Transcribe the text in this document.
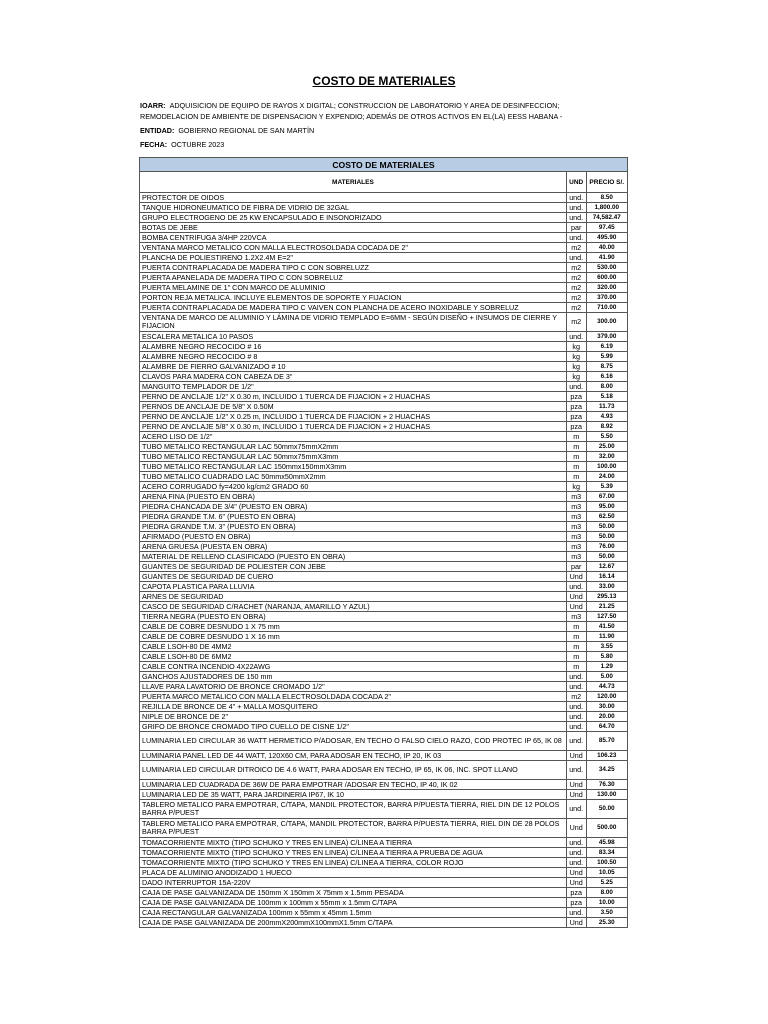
COSTO DE MATERIALES
IOARR: ADQUISICION DE EQUIPO DE RAYOS X DIGITAL; CONSTRUCCION DE LABORATORIO Y AREA DE DESINFECCION;
REMODELACION DE AMBIENTE DE DISPENSACION Y EXPENDIO; ADEMÁS DE OTROS ACTIVOS EN EL(LA) EESS HABANA -
ENTIDAD: GOBIERNO REGIONAL DE SAN MARTÍN
FECHA: OCTUBRE 2023
COSTO DE MATERIALES		
MATERIALES	UND	PRECIO S/.
PROTECTOR DE OIDOS	und.	8.50
TANQUE HIDRONEUMATICO DE FIBRA DE VIDRIO DE 32GAL	und.	1,800.00
GRUPO ELECTROGENO DE 25 KW ENCAPSULADO E INSONORIZADO	und.	74,582.47
BOTAS DE JEBE	par	97.45
BOMBA CENTRIFUGA 3/4HP 220VCA	und.	495.90
VENTANA MARCO METALICO CON MALLA ELECTROSOLDADA COCADA DE 2"	m2	40.00
PLANCHA DE POLIESTIRENO 1.2X2.4M E=2"	und.	41.90
PUERTA CONTRAPLACADA DE MADERA TIPO C CON SOBRELUZZ	m2	530.00
PUERTA APANELADA DE MADERA TIPO C CON SOBRELUZ	m2	600.00
PUERTA MELAMINE DE 1" CON MARCO DE ALUMINIO	m2	320.00
PORTON REJA METALICA. INCLUYE ELEMENTOS DE SOPORTE Y FIJACION	m2	370.00
PUERTA CONTRAPLACADA DE MADERA TIPO C VAIVEN CON PLANCHA DE ACERO INOXIDABLE Y SOBRELUZ	m2	710.00
VENTANA DE MARCO DE ALUMINIO Y LÁMINA DE VIDRIO TEMPLADO E=6MM - SEGÚN DISEÑO + INSUMOS DE CIERRE Y FIJACION	m2	300.00
ESCALERA METALICA 10 PASOS	und.	379.00
ALAMBRE NEGRO RECOCIDO # 16	kg	6.19
ALAMBRE NEGRO RECOCIDO # 8	kg	5.99
ALAMBRE DE FIERRO GALVANIZADO # 10	kg	8.75
CLAVOS PARA MADERA CON CABEZA DE 3"	kg	6.16
MANGUITO TEMPLADOR DE 1/2"	und.	8.00
PERNO DE ANCLAJE 1/2" X 0.30 m, INCLUIDO 1 TUERCA DE FIJACION + 2 HUACHAS	pza	5.18
PERNOS DE ANCLAJE DE 5/8" X 0.50M	pza	11.73
PERNO DE ANCLAJE 1/2" X 0.25 m, INCLUIDO 1 TUERCA DE FIJACION + 2 HUACHAS	pza	4.93
PERNO DE ANCLAJE 5/8" X 0.30 m, INCLUIDO 1 TUERCA DE FIJACION + 2 HUACHAS	pza	8.92
ACERO LISO DE 1/2"	m	5.50
TUBO METALICO RECTANGULAR LAC 50mmx75mmX2mm	m	25.00
TUBO METALICO RECTANGULAR LAC 50mmx75mmX3mm	m	32.00
TUBO METALICO RECTANGULAR LAC 150mmx150mmX3mm	m	100.00
TUBO METALICO CUADRADO LAC 50mmx50mmX2mm	m	24.00
ACERO CORRUGADO fy=4200 kg/cm2 GRADO 60	kg	5.39
ARENA FINA (PUESTO EN OBRA)	m3	67.00
PIEDRA CHANCADA DE 3/4" (PUESTO EN OBRA)	m3	95.00
PIEDRA GRANDE T.M. 6" (PUESTO EN OBRA)	m3	62.50
PIEDRA GRANDE T.M. 3" (PUESTO EN OBRA)	m3	50.00
AFIRMADO (PUESTO EN OBRA)	m3	50.00
ARENA GRUESA (PUESTA EN OBRA)	m3	76.00
MATERIAL DE RELLENO CLASIFICADO (PUESTO EN OBRA)	m3	50.00
GUANTES DE SEGURIDAD DE POLIESTER CON JEBE	par	12.67
GUANTES DE SEGURIDAD DE CUERO	Und	16.14
CAPOTA PLASTICA PARA LLUVIA	und.	33.00
ARNES DE SEGURIDAD	Und	295.13
CASCO DE SEGURIDAD C/RACHET (NARANJA, AMARILLO Y AZUL)	Und	21.25
TIERRA NEGRA (PUESTO EN OBRA)	m3	127.50
CABLE DE COBRE DESNUDO 1 X 75 mm	m	41.50
CABLE DE COBRE DESNUDO 1 X 16 mm	m	11.90
CABLE LSOH-80 DE 4MM2	m	3.55
CABLE LSOH-80 DE 6MM2	m	5.80
CABLE CONTRA INCENDIO 4X22AWG	m	1.29
GANCHOS AJUSTADORES DE 150 mm	und.	5.00
LLAVE PARA LAVATORIO DE BRONCE CROMADO 1/2"	und.	44.73
PUERTA MARCO METALICO CON MALLA ELECTROSOLDADA COCADA 2"	m2	120.00
REJILLA DE BRONCE DE 4" + MALLA MOSQUITERO	und.	30.00
NIPLE DE BRONCE DE 2"	und.	20.00
GRIFO DE BRONCE CROMADO TIPO CUELLO DE CISNE 1/2"	und.	64.70
LUMINARIA LED CIRCULAR 36 WATT HERMETICO P/ADOSAR, EN TECHO O FALSO CIELO RAZO, COD PROTEC IP 65, IK 08	und.	85.70
LUMINARIA PANEL LED DE 44 WATT, 120X60 CM, PARA ADOSAR EN TECHO, IP 20, IK 03	Und	106.23
LUMINARIA LED CIRCULAR DITROICO DE 4.6 WATT, PARA ADOSAR EN TECHO, IP 65, IK 06, INC. SPOT LLANO	und.	34.25
LUMINARIA LED CUADRADA DE 36W DE PARA EMPOTRAR /ADOSAR EN TECHO, IP 40, IK 02	Und	76.30
LUMINARIA LED DE 35 WATT, PARA JARDINERIA IP67, IK 10	Und	130.00
TABLERO METALICO PARA EMPOTRAR, C/TAPA, MANDIL PROTECTOR, BARRA P/PUESTA TIERRA, RIEL DIN DE 12 POLOS BARRA P/PUEST	und.	50.00
TABLERO METALICO PARA EMPOTRAR, C/TAPA, MANDIL PROTECTOR, BARRA P/PUESTA TIERRA, RIEL DIN DE 28 POLOS BARRA P/PUEST	Und	500.00
TOMACORRIENTE MIXTO (TIPO SCHUKO Y TRES EN LINEA) C/LINEA A TIERRA	und.	45.98
TOMACORRIENTE MIXTO (TIPO SCHUKO Y TRES EN LINEA) C/LINEA A TIERRA A PRUEBA DE AGUA	und.	83.34
TOMACORRIENTE MIXTO (TIPO SCHUKO Y TRES EN LINEA) C/LINEA A TIERRA, COLOR ROJO	und.	100.50
PLACA DE ALUMINIO ANODIZADO 1 HUECO	Und	10.05
DADO INTERRUPTOR 15A-220V	Und	5.25
CAJA DE PASE GALVANIZADA DE 150mm X 150mm X 75mm x 1.5mm PESADA	pza	8.00
CAJA DE PASE GALVANIZADA DE 100mm x 100mm x 55mm x 1.5mm C/TAPA	pza	10.00
CAJA RECTANGULAR GALVANIZADA 100mm x 55mm x 45mm 1.5mm	und.	3.50
CAJA DE PASE GALVANIZADA DE 200mmX200mmX100mmX1.5mm C/TAPA	Und	25.30
